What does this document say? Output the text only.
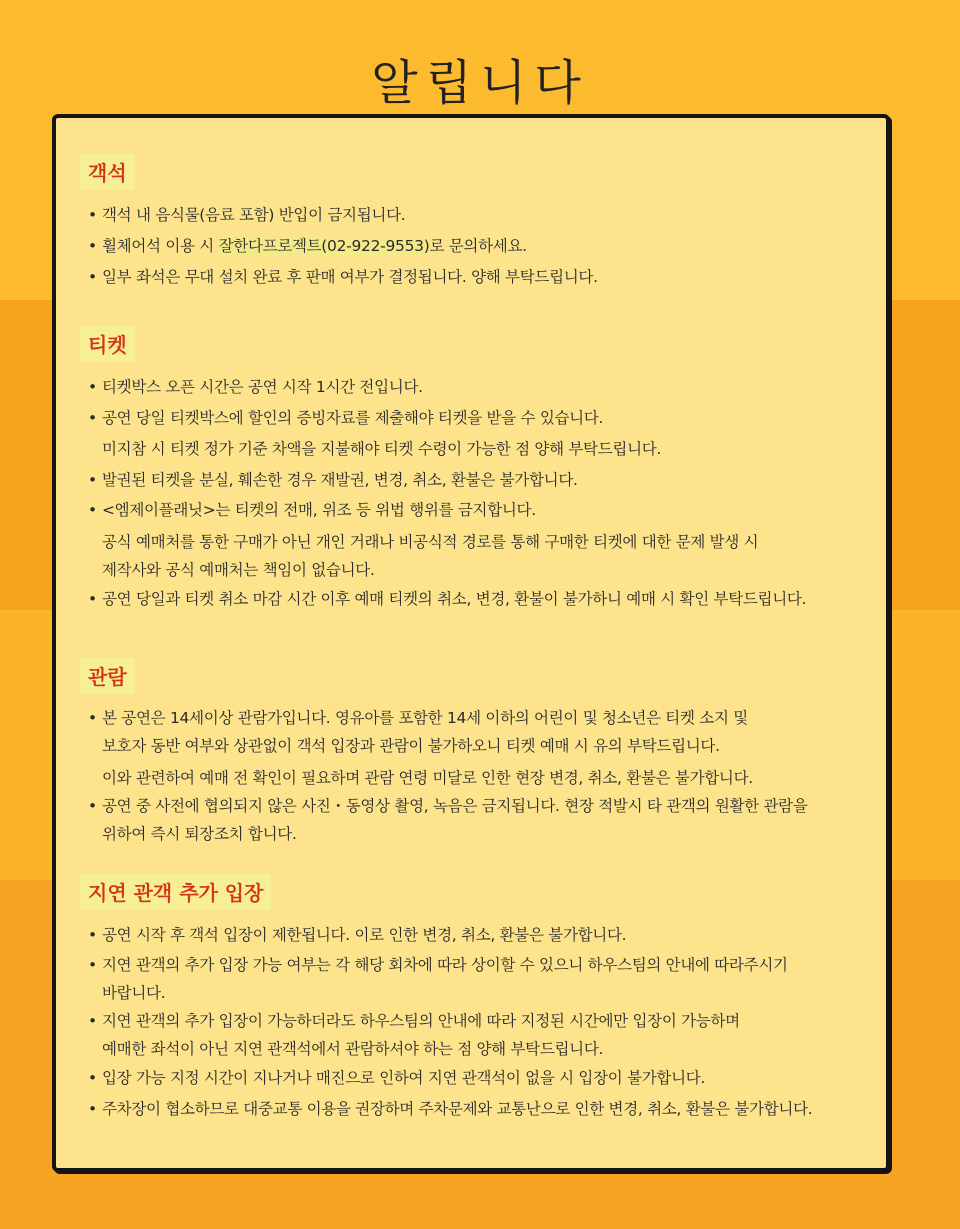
알립니다
객석
• 객석 내 음식물(음료 포함) 반입이 금지됩니다.
• 휠체어석 이용 시 잘한다프로젝트(02-922-9553)로 문의하세요.
• 일부 좌석은 무대 설치 완료 후 판매 여부가 결정됩니다. 양해 부탁드립니다.
티켓
• 티켓박스 오픈 시간은 공연 시작 1시간 전입니다.
• 공연 당일 티켓박스에 할인의 증빙자료를 제출해야 티켓을 받을 수 있습니다.
미지참 시 티켓 정가 기준 차액을 지불해야 티켓 수령이 가능한 점 양해 부탁드립니다.
• 발권된 티켓을 분실, 훼손한 경우 재발권, 변경, 취소, 환불은 불가합니다.
• <엠제이플래닛>는 티켓의 전매, 위조 등 위법 행위를 금지합니다.
공식 예매처를 통한 구매가 아닌 개인 거래나 비공식적 경로를 통해 구매한 티켓에 대한 문제 발생 시
제작사와 공식 예매처는 책임이 없습니다.
• 공연 당일과 티켓 취소 마감 시간 이후 예매 티켓의 취소, 변경, 환불이 불가하니 예매 시 확인 부탁드립니다.
관람
• 본 공연은 14세이상 관람가입니다. 영유아를 포함한 14세 이하의 어린이 및 청소년은 티켓 소지 및
보호자 동반 여부와 상관없이 객석 입장과 관람이 불가하오니 티켓 예매 시 유의 부탁드립니다.
이와 관련하여 예매 전 확인이 필요하며 관람 연령 미달로 인한 현장 변경, 취소, 환불은 불가합니다.
• 공연 중 사전에 협의되지 않은 사진・동영상 촬영, 녹음은 금지됩니다. 현장 적발시 타 관객의 원활한 관람을
위하여 즉시 퇴장조치 합니다.
지연 관객 추가 입장
• 공연 시작 후 객석 입장이 제한됩니다. 이로 인한 변경, 취소, 환불은 불가합니다.
• 지연 관객의 추가 입장 가능 여부는 각 해당 회차에 따라 상이할 수 있으니 하우스팀의 안내에 따라주시기
바랍니다.
• 지연 관객의 추가 입장이 가능하더라도 하우스팀의 안내에 따라 지정된 시간에만 입장이 가능하며
예매한 좌석이 아닌 지연 관객석에서 관람하셔야 하는 점 양해 부탁드립니다.
• 입장 가능 지정 시간이 지나거나 매진으로 인하여 지연 관객석이 없을 시 입장이 불가합니다.
• 주차장이 협소하므로 대중교통 이용을 권장하며 주차문제와 교통난으로 인한 변경, 취소, 환불은 불가합니다.
